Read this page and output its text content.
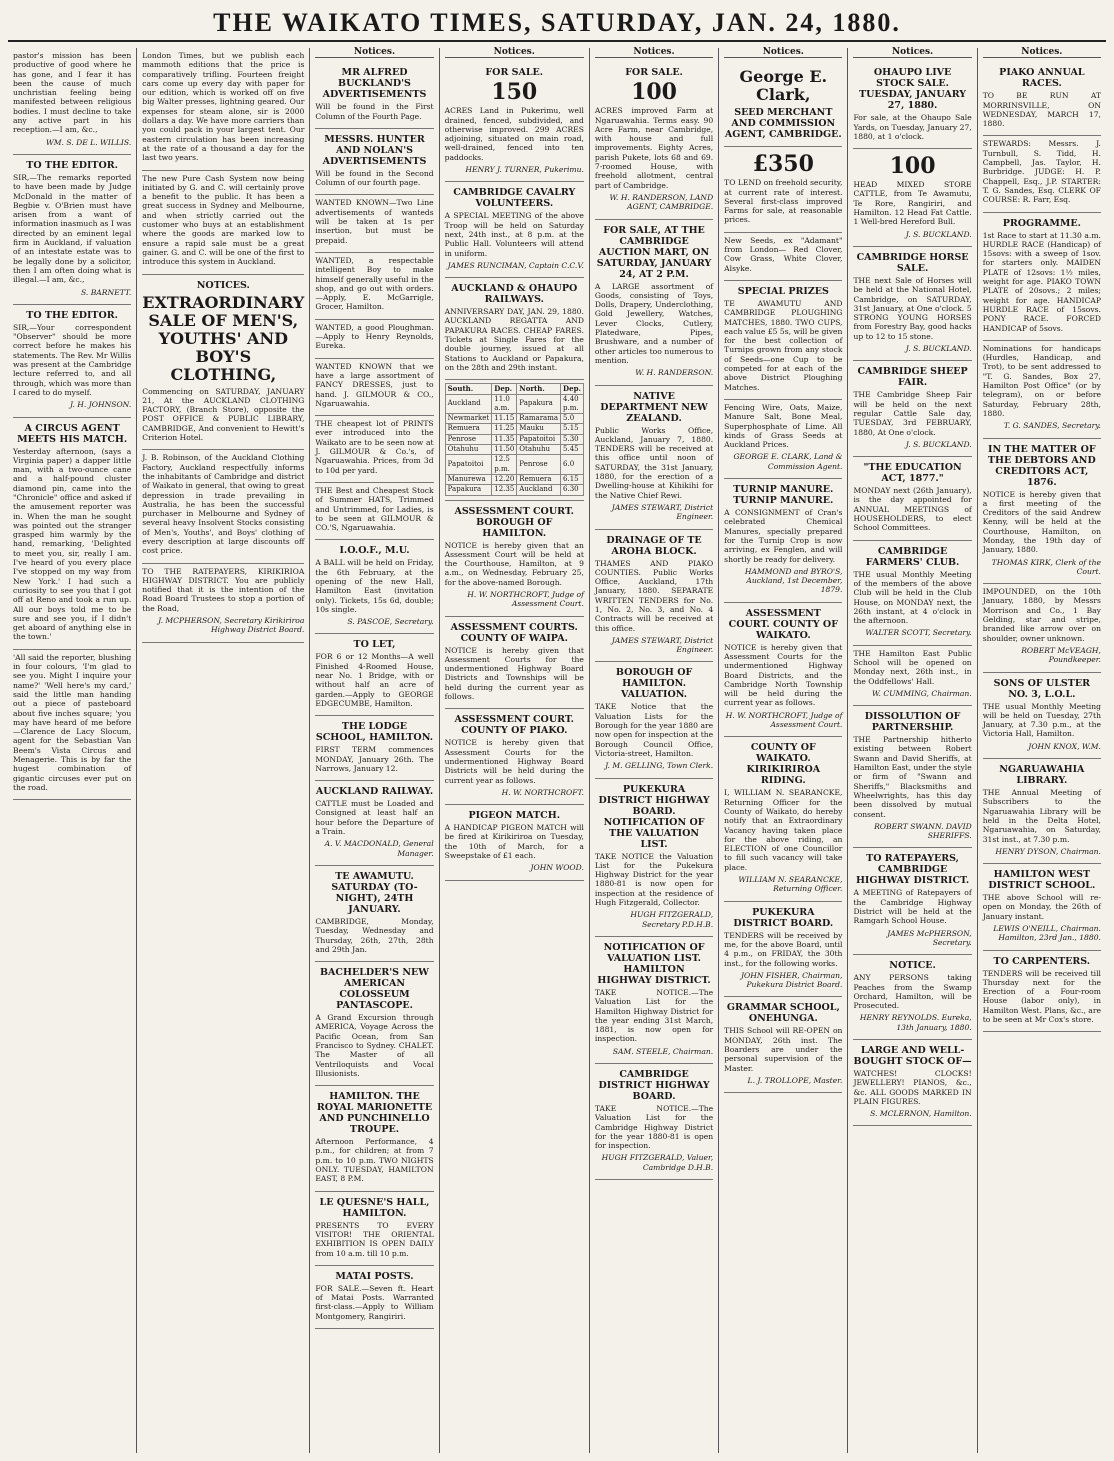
THE WAIKATO TIMES, SATURDAY, JAN. 24, 1880.

pastor's mission has been productive of good where he has gone, and I fear it has been the cause of much unchristian feeling being manifested between religious bodies. I must decline to take any active part in his reception.—I am, &c.,

WM. S. DE L. WILLIS.

TO THE EDITOR.

SIR,—The remarks reported to have been made by Judge McDonald in the matter of Begbie v. O'Brien must have arisen from a want of information inasmuch as I was directed by an eminent legal firm in Auckland, if valuation of an intestate estate was to be legally done by a solicitor, then I am often doing what is illegal.—I am, &c.,

S. BARNETT.

TO THE EDITOR.

SIR,—Your correspondent "Observer" should be more correct before he makes his statements. The Rev. Mr Willis was present at the Cambridge lecture referred to, and all through, which was more than I cared to do myself.

J. H. JOHNSON.

A CIRCUS AGENT MEETS HIS MATCH.

Yesterday afternoon, (says a Virginia paper) a dapper little man, with a two-ounce cane and a half-pound cluster diamond pin, came into the "Chronicle" office and asked if the amusement reporter was in. When the man he sought was pointed out the stranger grasped him warmly by the hand, remarking, 'Delighted to meet you, sir, really I am. I've heard of you every place I've stopped on my way from New York.' I had such a curiosity to see you that I got off at Reno and took a run up. All our boys told me to be sure and see you, if I didn't get aboard of anything else in the town.'

'All said the reporter, blushing in four colours, 'I'm glad to see you. Might I inquire your name?' 'Well here's my card,' said the little man handing out a piece of pasteboard about five inches square; 'you may have heard of me before—Clarence de Lacy Slocum, agent for the Sebastian Van Beem's Vista Circus and Menagerie. This is by far the hugest combination of gigantic circuses ever put on the road.

London Times, but we publish each mammoth editions that the price is comparatively trifling. Fourteen freight cars come up every day with paper for our edition, which is worked off on five big Walter presses, lightning geared. Our expenses for steam alone, sir is 2000 dollars a day. We have more carriers than you could pack in your largest tent. Our eastern circulation has been increasing at the rate of a thousand a day for the last two years.

The new Pure Cash System now being initiated by G. and C. will certainly prove a benefit to the public. It has been a great success in Sydney and Melbourne, and when strictly carried out the customer who buys at an establishment where the goods are marked low to ensure a rapid sale must be a great gainer. G. and C. will be one of the first to introduce this system in Auckland.

NOTICES.
EXTRAORDINARY SALE OF MEN'S, YOUTHS' AND BOY'S CLOTHING,

Commencing on SATURDAY, JANUARY 21, At the AUCKLAND CLOTHING FACTORY, (Branch Store), opposite the POST OFFICE & PUBLIC LIBRARY, CAMBRIDGE, And convenient to Hewitt's Criterion Hotel.

J. B. Robinson, of the Auckland Clothing Factory, Auckland respectfully informs the inhabitants of Cambridge and district of Waikato in general, that owing to great depression in trade prevailing in Australia, he has been the successful purchaser in Melbourne and Sydney of several heavy Insolvent Stocks consisting of Men's, Youths', and Boys' clothing of every description at large discounts off cost price.

TO THE RATEPAYERS, KIRIKIRIOA HIGHWAY DISTRICT. You are publicly notified that it is the intention of the Road Board Trustees to stop a portion of the Road,

J. MCPHERSON, Secretary Kirikiriroa Highway District Board.

Notices.
MR ALFRED BUCKLAND'S ADVERTISEMENTS

Will be found in the First Column of the Fourth Page.

MESSRS. HUNTER AND NOLAN'S ADVERTISEMENTS

Will be found in the Second Column of our fourth page.

WANTED KNOWN—Two Line advertisements of wanteds will be taken at 1s per insertion, but must be prepaid.

WANTED, a respectable intelligent Boy to make himself generally useful in the shop, and go out with orders. —Apply, E. McGarrigle, Grocer, Hamilton.

WANTED, a good Ploughman.—Apply to Henry Reynolds, Eureka.

WANTED KNOWN that we have a large assortment of FANCY DRESSES, just to hand. J. GILMOUR & CO., Ngaruawahia.

THE cheapest lot of PRINTS ever introduced into the Waikato are to be seen now at J. GILMOUR & Co.'s, of Ngaruawahia. Prices, from 3d to 10d per yard.

THE Best and Cheapest Stock of Summer HATS, Trimmed and Untrimmed, for Ladies, is to be seen at GILMOUR & CO.'S, Ngaruawahia.

I.O.O.F., M.U.

A BALL will be held on Friday, the 6th February, at the opening of the new Hall, Hamilton East (invitation only). Tickets, 15s 6d, double; 10s single.

S. PASCOE, Secretary.

TO LET,

FOR 6 or 12 Months—A well Finished 4-Roomed House, near No. 1 Bridge, with or without half an acre of garden.—Apply to GEORGE EDGECUMBE, Hamilton.

THE LODGE SCHOOL, HAMILTON.

FIRST TERM commences MONDAY, January 26th. The Narrows, January 12.

AUCKLAND RAILWAY.

CATTLE must be Loaded and Consigned at least half an hour before the Departure of a Train.

A. V. MACDONALD, General Manager.

TE AWAMUTU. SATURDAY (TO-NIGHT), 24TH JANUARY.

CAMBRIDGE, Monday, Tuesday, Wednesday and Thursday, 26th, 27th, 28th and 29th Jan.

BACHELDER'S NEW AMERICAN COLOSSEUM PANTASCOPE.

A Grand Excursion through AMERICA, Voyage Across the Pacific Ocean, from San Francisco to Sydney. CHALET. The Master of all Ventriloquists and Vocal Illusionists.

HAMILTON. THE ROYAL MARIONETTE AND PUNCHINELLO TROUPE.

Afternoon Performance, 4 p.m., for children; at from 7 p.m. to 10 p.m. TWO NIGHTS ONLY. TUESDAY, HAMILTON EAST, 8 P.M.

LE QUESNE'S HALL, HAMILTON.

PRESENTS TO EVERY VISITOR! THE ORIENTAL EXHIBITION IS OPEN DAILY from 10 a.m. till 10 p.m.

MATAI POSTS.

FOR SALE.—Seven ft. Heart of Matai Posts. Warranted first-class.—Apply to William Montgomery, Rangiriri.

Notices.
FOR SALE.
150

ACRES Land in Pukerimu, well drained, fenced, subdivided, and otherwise improved. 299 ACRES adjoining, situated on main road, well-drained, fenced into ten paddocks.

HENRY J. TURNER, Pukerimu.

CAMBRIDGE CAVALRY VOLUNTEERS.

A SPECIAL MEETING of the above Troop will be held on Saturday next, 24th inst., at 8 p.m. at the Public Hall. Volunteers will attend in uniform.

JAMES RUNCIMAN, Captain C.C.V.

AUCKLAND & OHAUPO RAILWAYS.

ANNIVERSARY DAY, JAN. 29, 1880. AUCKLAND REGATTA AND PAPAKURA RACES. CHEAP FARES. Tickets at Single Fares for the double journey, issued at all Stations to Auckland or Papakura, on the 28th and 29th instant.

South.	Dep.	North.	Dep.
Auckland	11.0 a.m.	Papakura	4.40 p.m.
Newmarket	11.15	Ramarama	5.0
Remuera	11.25	Mauku	5.15
Penrose	11.35	Papatoitoi	5.30
Otahuhu	11.50	Otahuhu	5.45
Papatoitoi	12.5 p.m.	Penrose	6.0
Manurewa	12.20	Remuera	6.15
Papakura	12.35	Auckland	6.30
ASSESSMENT COURT. BOROUGH OF HAMILTON.

NOTICE is hereby given that an Assessment Court will be held at the Courthouse, Hamilton, at 9 a.m., on Wednesday, February 25, for the above-named Borough.

H. W. NORTHCROFT, Judge of Assessment Court.

ASSESSMENT COURTS. COUNTY OF WAIPA.

NOTICE is hereby given that Assessment Courts for the undermentioned Highway Board Districts and Townships will be held during the current year as follows.

ASSESSMENT COURT. COUNTY OF PIAKO.

NOTICE is hereby given that Assessment Courts for the undermentioned Highway Board Districts will be held during the current year as follows.

H. W. NORTHCROFT.

PIGEON MATCH.

A HANDICAP PIGEON MATCH will be fired at Kirikiriroa on Tuesday, the 10th of March, for a Sweepstake of £1 each.

JOHN WOOD.

Notices.
FOR SALE.
100

ACRES improved Farm at Ngaruawahia. Terms easy. 90 Acre Farm, near Cambridge, with house and full improvements. Eighty Acres, parish Pukete, lots 68 and 69. 7-roomed House, with freehold allotment, central part of Cambridge.

W. H. RANDERSON, LAND AGENT, CAMBRIDGE.

FOR SALE, AT THE CAMBRIDGE AUCTION MART, ON SATURDAY, JANUARY 24, AT 2 P.M.

A LARGE assortment of Goods, consisting of Toys, Dolls, Drapery, Underclothing, Gold Jewellery, Watches, Lever Clocks, Cutlery, Platedware, Pipes, Brushware, and a number of other articles too numerous to mention.

W. H. RANDERSON.

NATIVE DEPARTMENT NEW ZEALAND.

Public Works Office, Auckland, January 7, 1880. TENDERS will be received at this office until noon of SATURDAY, the 31st January, 1880, for the erection of a Dwelling-house at Kihikihi for the Native Chief Rewi.

JAMES STEWART, District Engineer.

DRAINAGE OF TE AROHA BLOCK.

THAMES AND PIAKO COUNTIES. Public Works Office, Auckland, 17th January, 1880. SEPARATE WRITTEN TENDERS for No. 1, No. 2, No. 3, and No. 4 Contracts will be received at this office.

JAMES STEWART, District Engineer.

BOROUGH OF HAMILTON. VALUATION.

TAKE Notice that the Valuation Lists for the Borough for the year 1880 are now open for inspection at the Borough Council Office, Victoria-street, Hamilton.

J. M. GELLING, Town Clerk.

PUKEKURA DISTRICT HIGHWAY BOARD. NOTIFICATION OF THE VALUATION LIST.

TAKE NOTICE the Valuation List for the Pukekura Highway District for the year 1880-81 is now open for inspection at the residence of Hugh Fitzgerald, Collector.

HUGH FITZGERALD, Secretary P.D.H.B.

NOTIFICATION OF VALUATION LIST. HAMILTON HIGHWAY DISTRICT.

TAKE NOTICE.—The Valuation List for the Hamilton Highway District for the year ending 31st March, 1881, is now open for inspection.

SAM. STEELE, Chairman.

CAMBRIDGE DISTRICT HIGHWAY BOARD.

TAKE NOTICE.—The Valuation List for the Cambridge Highway District for the year 1880-81 is open for inspection.

HUGH FITZGERALD, Valuer, Cambridge D.H.B.

Notices.
George E. Clark,
SEED MERCHANT AND COMMISSION AGENT, CAMBRIDGE.
£350

TO LEND on freehold security, at current rate of interest. Several first-class improved Farms for sale, at reasonable prices.

New Seeds, ex "Adamant" from London— Red Clover, Cow Grass, White Clover, Alsyke.

SPECIAL PRIZES

TE AWAMUTU AND CAMBRIDGE PLOUGHING MATCHES, 1880. TWO CUPS, each value £5 5s, will be given for the best collection of Turnips grown from any stock of Seeds—one Cup to be competed for at each of the above District Ploughing Matches.

Fencing Wire, Oats, Maize, Manure Salt, Bone Meal, Superphosphate of Lime. All kinds of Grass Seeds at Auckland Prices.

GEORGE E. CLARK, Land & Commission Agent.

TURNIP MANURE. TURNIP MANURE.

A CONSIGNMENT of Cran's celebrated Chemical Manures, specially prepared for the Turnip Crop is now arriving, ex Fenglen, and will shortly be ready for delivery.

HAMMOND and BYRO'S, Auckland, 1st December, 1879.

ASSESSMENT COURT. COUNTY OF WAIKATO.

NOTICE is hereby given that Assessment Courts for the undermentioned Highway Board Districts, and the Cambridge North Township will be held during the current year as follows.

H. W. NORTHCROFT, Judge of Assessment Court.

COUNTY OF WAIKATO. KIRIKIRIROA RIDING.

I, WILLIAM N. SEARANCKE, Returning Officer for the County of Waikato, do hereby notify that an Extraordinary Vacancy having taken place for the above riding, an ELECTION of one Councillor to fill such vacancy will take place.

WILLIAM N. SEARANCKE, Returning Officer.

PUKEKURA DISTRICT BOARD.

TENDERS will be received by me, for the above Board, until 4 p.m., on FRIDAY, the 30th inst., for the following works.

JOHN FISHER, Chairman, Pukekura District Board.

GRAMMAR SCHOOL, ONEHUNGA.

THIS School will RE-OPEN on MONDAY, 26th inst. The Boarders are under the personal supervision of the Master.

L. J. TROLLOPE, Master.

Notices.
OHAUPO LIVE STOCK SALE. TUESDAY, JANUARY 27, 1880.

For sale, at the Ohaupo Sale Yards, on Tuesday, January 27, 1880, at 1 o'clock.

100

HEAD MIXED STORE CATTLE, from Te Awamutu, Te Rore, Rangiriri, and Hamilton. 12 Head Fat Cattle. 1 Well-bred Hereford Bull.

J. S. BUCKLAND.

CAMBRIDGE HORSE SALE.

THE next Sale of Horses will be held at the National Hotel, Cambridge, on SATURDAY, 31st January, at One o'clock. 5 STRONG YOUNG HORSES from Forestry Bay, good hacks up to 12 to 15 stone.

J. S. BUCKLAND.

CAMBRIDGE SHEEP FAIR.

THE Cambridge Sheep Fair will be held on the next regular Cattle Sale day, TUESDAY, 3rd FEBRUARY, 1880, At One o'clock.

J. S. BUCKLAND.

"THE EDUCATION ACT, 1877."

MONDAY next (26th January), is the day appointed for ANNUAL MEETINGS of HOUSEHOLDERS, to elect School Committees.

CAMBRIDGE FARMERS' CLUB.

THE usual Monthly Meeting of the members of the above Club will be held in the Club House, on MONDAY next, the 26th instant, at 4 o'clock in the afternoon.

WALTER SCOTT, Secretary.

THE Hamilton East Public School will be opened on Monday next, 26th inst., in the Oddfellows' Hall.

W. CUMMING, Chairman.

DISSOLUTION OF PARTNERSHIP.

THE Partnership hitherto existing between Robert Swann and David Sheriffs, at Hamilton East, under the style or firm of "Swann and Sheriffs," Blacksmiths and Wheelwrights, has this day been dissolved by mutual consent.

ROBERT SWANN. DAVID SHERIFFS.

TO RATEPAYERS, CAMBRIDGE HIGHWAY DISTRICT.

A MEETING of Ratepayers of the Cambridge Highway District will be held at the Ramgarh School House.

JAMES McPHERSON, Secretary.

NOTICE.

ANY PERSONS taking Peaches from the Swamp Orchard, Hamilton, will be Prosecuted.

HENRY REYNOLDS. Eureka, 13th January, 1880.

LARGE AND WELL-BOUGHT STOCK OF—

WATCHES! CLOCKS! JEWELLERY! PIANOS, &c., &c. ALL GOODS MARKED IN PLAIN FIGURES.

S. MCLERNON, Hamilton.

Notices.
PIAKO ANNUAL RACES.

TO BE RUN AT MORRINSVILLE, ON WEDNESDAY, MARCH 17, 1880.

STEWARDS: Messrs. J. Turnbull, S. Tidd, H. Campbell, Jas. Taylor, H. Burbridge. JUDGE: H. P. Chappell, Esq., J.P. STARTER: T. G. Sandes, Esq. CLERK OF COURSE: R. Farr, Esq.

PROGRAMME.

1st Race to start at 11.30 a.m. HURDLE RACE (Handicap) of 15sovs: with a sweep of 1sov. for starters only. MAIDEN PLATE of 12sovs: 1½ miles, weight for age. PIAKO TOWN PLATE of 20sovs.; 2 miles; weight for age. HANDICAP HURDLE RACE of 15sovs. PONY RACE. FORCED HANDICAP of 5sovs.

Nominations for handicaps (Hurdles, Handicap, and Trot), to be sent addressed to "T. G. Sandes, Box 27, Hamilton Post Office" (or by telegram), on or before Saturday, February 28th, 1880.

T. G. SANDES, Secretary.

IN THE MATTER OF THE DEBTORS AND CREDITORS ACT, 1876.

NOTICE is hereby given that a first meeting of the Creditors of the said Andrew Kenny, will be held at the Courthouse, Hamilton, on Monday, the 19th day of January, 1880.

THOMAS KIRK, Clerk of the Court.

IMPOUNDED, on the 10th January, 1880, by Messrs Morrison and Co., 1 Bay Gelding, star and stripe, branded like arrow over on shoulder, owner unknown.

ROBERT McVEAGH, Poundkeeper.

SONS OF ULSTER NO. 3, L.O.L.

THE usual Monthly Meeting will be held on Tuesday, 27th January, at 7.30 p.m., at the Victoria Hall, Hamilton.

JOHN KNOX, W.M.

NGARUAWAHIA LIBRARY.

THE Annual Meeting of Subscribers to the Ngaruawahia Library will be held in the Delta Hotel, Ngaruawahia, on Saturday, 31st inst., at 7.30 p.m.

HENRY DYSON, Chairman.

HAMILTON WEST DISTRICT SCHOOL.

THE above School will re-open on Monday, the 26th of January instant.

LEWIS O'NEILL, Chairman. Hamilton, 23rd Jan., 1880.

TO CARPENTERS.

TENDERS will be received till Thursday next for the Erection of a Four-room House (labor only), in Hamilton West. Plans, &c., are to be seen at Mr Cox's store.
